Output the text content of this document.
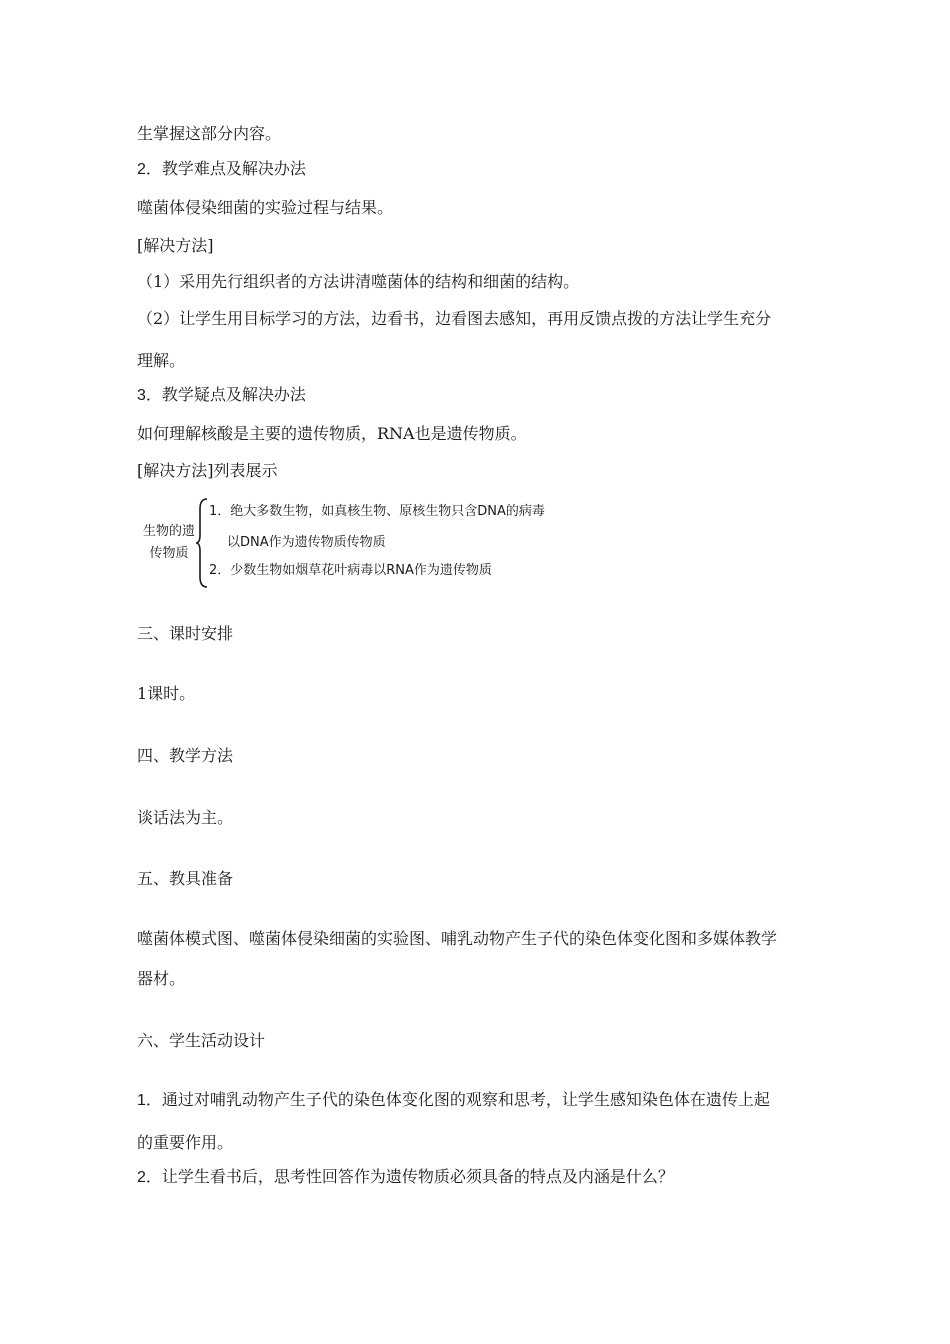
生掌握这部分内容。
2．教学难点及解决办法
噬菌体侵染细菌的实验过程与结果。
[解决方法]
（1）采用先行组织者的方法讲清噬菌体的结构和细菌的结构。
（2）让学生用目标学习的方法，边看书，边看图去感知，再用反馈点拨的方法让学生充分
理解。
3．教学疑点及解决办法
如何理解核酸是主要的遗传物质，RNA也是遗传物质。
[解决方法]列表展示
生物的遗
传物质
1．绝大多数生物，如真核生物、原核生物只含DNA的病毒
以DNA作为遗传物质传物质
2．少数生物如烟草花叶病毒以RNA作为遗传物质
三、课时安排
1课时。
四、教学方法
谈话法为主。
五、教具准备
噬菌体模式图、噬菌体侵染细菌的实验图、哺乳动物产生子代的染色体变化图和多媒体教学
器材。
六、学生活动设计
1．通过对哺乳动物产生子代的染色体变化图的观察和思考，让学生感知染色体在遗传上起
的重要作用。
2．让学生看书后，思考性回答作为遗传物质必须具备的特点及内涵是什么？
